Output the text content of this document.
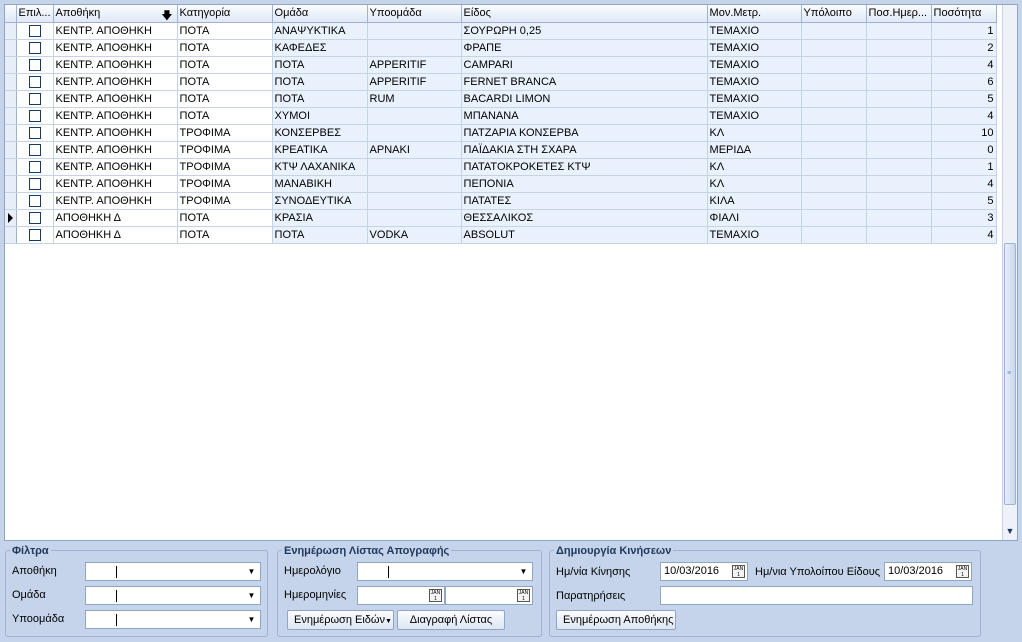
	Επιλ...	Αποθήκη 🡇	Κατηγορία	Ομάδα	Υποομάδα	Είδος	Μον.Μετρ.	Υπόλοιπο	Ποσ.Ημερ...	Ποσότητα
		ΚΕΝΤΡ. ΑΠΟΘΗΚΗ	ΠΟΤΑ	ΑΝΑΨΥΚΤΙΚΑ		ΣΟΥΡΩΡΗ 0,25	ΤΕΜΑΧΙΟ			1
		ΚΕΝΤΡ. ΑΠΟΘΗΚΗ	ΠΟΤΑ	ΚΑΦΕΔΕΣ		ΦΡΑΠΕ	ΤΕΜΑΧΙΟ			2
		ΚΕΝΤΡ. ΑΠΟΘΗΚΗ	ΠΟΤΑ	ΠΟΤΑ	APPERITIF	CAMPARI	ΤΕΜΑΧΙΟ			4
		ΚΕΝΤΡ. ΑΠΟΘΗΚΗ	ΠΟΤΑ	ΠΟΤΑ	APPERITIF	FERNET BRANCA	ΤΕΜΑΧΙΟ			6
		ΚΕΝΤΡ. ΑΠΟΘΗΚΗ	ΠΟΤΑ	ΠΟΤΑ	RUM	BACARDI LIMON	ΤΕΜΑΧΙΟ			5
		ΚΕΝΤΡ. ΑΠΟΘΗΚΗ	ΠΟΤΑ	ΧΥΜΟΙ		ΜΠΑΝΑΝΑ	ΤΕΜΑΧΙΟ			4
		ΚΕΝΤΡ. ΑΠΟΘΗΚΗ	ΤΡΟΦΙΜΑ	ΚΟΝΣΕΡΒΕΣ		ΠΑΤΖΑΡΙΑ ΚΟΝΣΕΡΒΑ	ΚΛ			10
		ΚΕΝΤΡ. ΑΠΟΘΗΚΗ	ΤΡΟΦΙΜΑ	ΚΡΕΑΤΙΚΑ	ΑΡΝΑΚΙ	ΠΑΪΔΑΚΙΑ ΣΤΗ ΣΧΑΡΑ	ΜΕΡΙΔΑ			0
		ΚΕΝΤΡ. ΑΠΟΘΗΚΗ	ΤΡΟΦΙΜΑ	ΚΤΨ ΛΑΧΑΝΙΚΑ		ΠΑΤΑΤΟΚΡΟΚΕΤΕΣ ΚΤΨ	ΚΛ			1
		ΚΕΝΤΡ. ΑΠΟΘΗΚΗ	ΤΡΟΦΙΜΑ	ΜΑΝΑΒΙΚΗ		ΠΕΠΟΝΙΑ	ΚΛ			4
		ΚΕΝΤΡ. ΑΠΟΘΗΚΗ	ΤΡΟΦΙΜΑ	ΣΥΝΟΔΕΥΤΙΚΑ		ΠΑΤΑΤΕΣ	ΚΙΛΑ			5

		ΑΠΟΘΗΚΗ Δ	ΠΟΤΑ	ΚΡΑΣΙΑ		ΘΕΣΣΑΛΙΚΟΣ	ΦΙΑΛΙ			3
		ΑΠΟΘΗΚΗ Δ	ΠΟΤΑ	ΠΟΤΑ	VODKA	ABSOLUT	ΤΕΜΑΧΙΟ			4
≡
▼
Φίλτρα
Αποθήκη	▼
Ομάδα	▼
Υποομάδα	▼
Ενημέρωση Λίστας Απογραφής
Ημερολόγιο	▼
Ημερομηνίες	JAN
1
JAN
1
Ενημέρωση Ειδών▼	Διαγραφή Λίστας
Δημιουργία Κινήσεων
Ημ/νία Κίνησης	10/03/2016	JAN
1	Ημ/νια Υπολοίπου Είδους 10/03/2016	JAN
1
Παρατηρήσεις
Ενημέρωση Αποθήκης
